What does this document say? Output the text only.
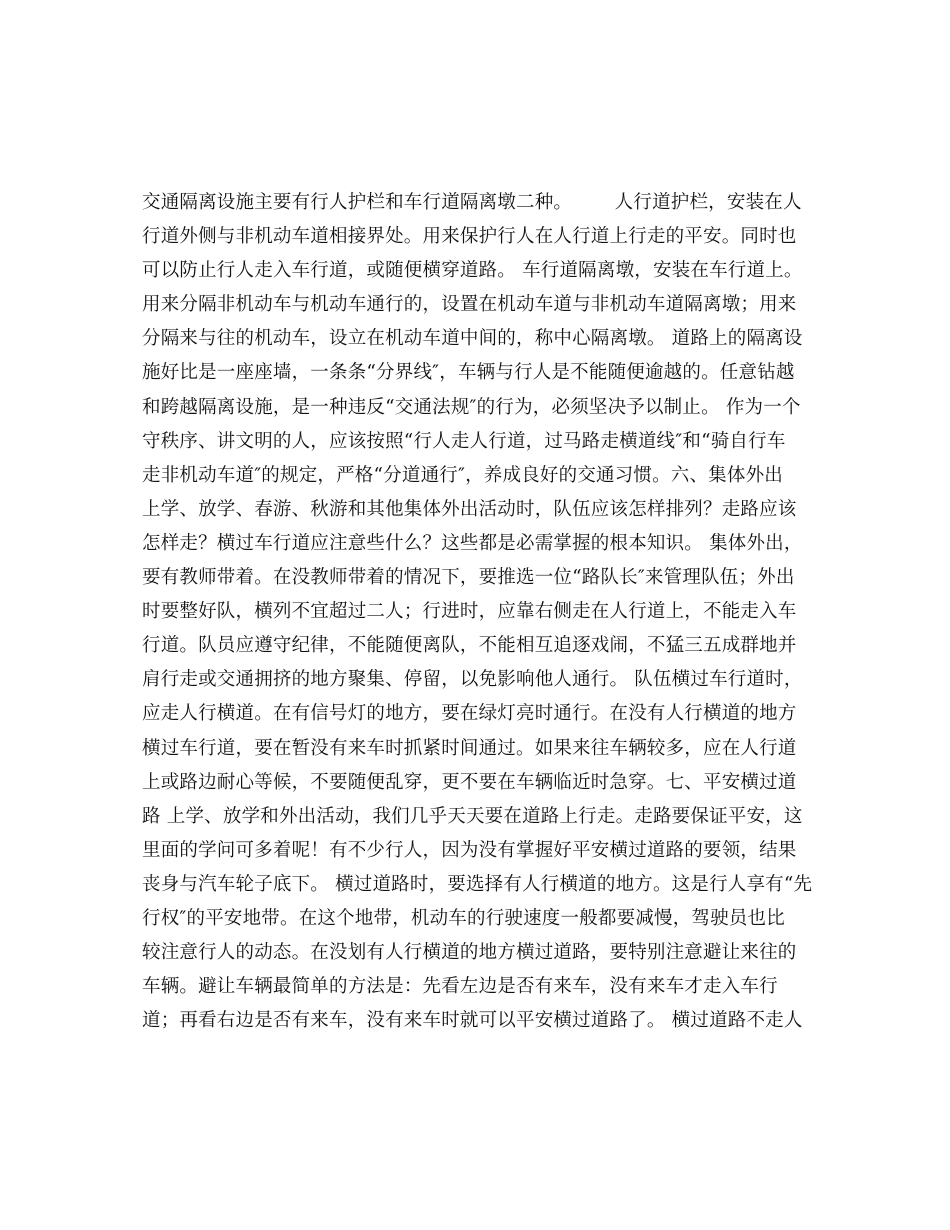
交通隔离设施主要有行人护栏和车行道隔离墩二种。       人行道护栏，安装在人
行道外侧与非机动车道相接界处。用来保护行人在人行道上行走的平安。同时也
可以防止行人走入车行道，或随便横穿道路。 车行道隔离墩，安装在车行道上。
用来分隔非机动车与机动车通行的，设置在机动车道与非机动车道隔离墩；用来
分隔来与往的机动车，设立在机动车道中间的，称中心隔离墩。 道路上的隔离设
施好比是一座座墙，一条条“分界线″，车辆与行人是不能随便逾越的。任意钻越
和跨越隔离设施，是一种违反“交通法规″的行为，必须坚决予以制止。 作为一个
守秩序、讲文明的人，应该按照“行人走人行道，过马路走横道线″和“骑自行车
走非机动车道″的规定，严格“分道通行″，养成良好的交通习惯。六、集体外出
上学、放学、春游、秋游和其他集体外出活动时，队伍应该怎样排列？走路应该
怎样走？横过车行道应注意些什么？这些都是必需掌握的根本知识。 集体外出，
要有教师带着。在没教师带着的情况下，要推选一位“路队长″来管理队伍；外出
时要整好队，横列不宜超过二人；行进时，应靠右侧走在人行道上，不能走入车
行道。队员应遵守纪律，不能随便离队，不能相互追逐戏闹，不猛三五成群地并
肩行走或交通拥挤的地方聚集、停留，以免影响他人通行。 队伍横过车行道时，
应走人行横道。在有信号灯的地方，要在绿灯亮时通行。在没有人行横道的地方
横过车行道，要在暂没有来车时抓紧时间通过。如果来往车辆较多，应在人行道
上或路边耐心等候，不要随便乱穿，更不要在车辆临近时急穿。七、平安横过道
路 上学、放学和外出活动，我们几乎天天要在道路上行走。走路要保证平安，这
里面的学问可多着呢！有不少行人，因为没有掌握好平安横过道路的要领，结果
丧身与汽车轮子底下。 横过道路时，要选择有人行横道的地方。这是行人享有“先
行权″的平安地带。在这个地带，机动车的行驶速度一般都要减慢，驾驶员也比
较注意行人的动态。在没划有人行横道的地方横过道路，要特别注意避让来往的
车辆。避让车辆最简单的方法是：先看左边是否有来车，没有来车才走入车行
道；再看右边是否有来车，没有来车时就可以平安横过道路了。 横过道路不走人
